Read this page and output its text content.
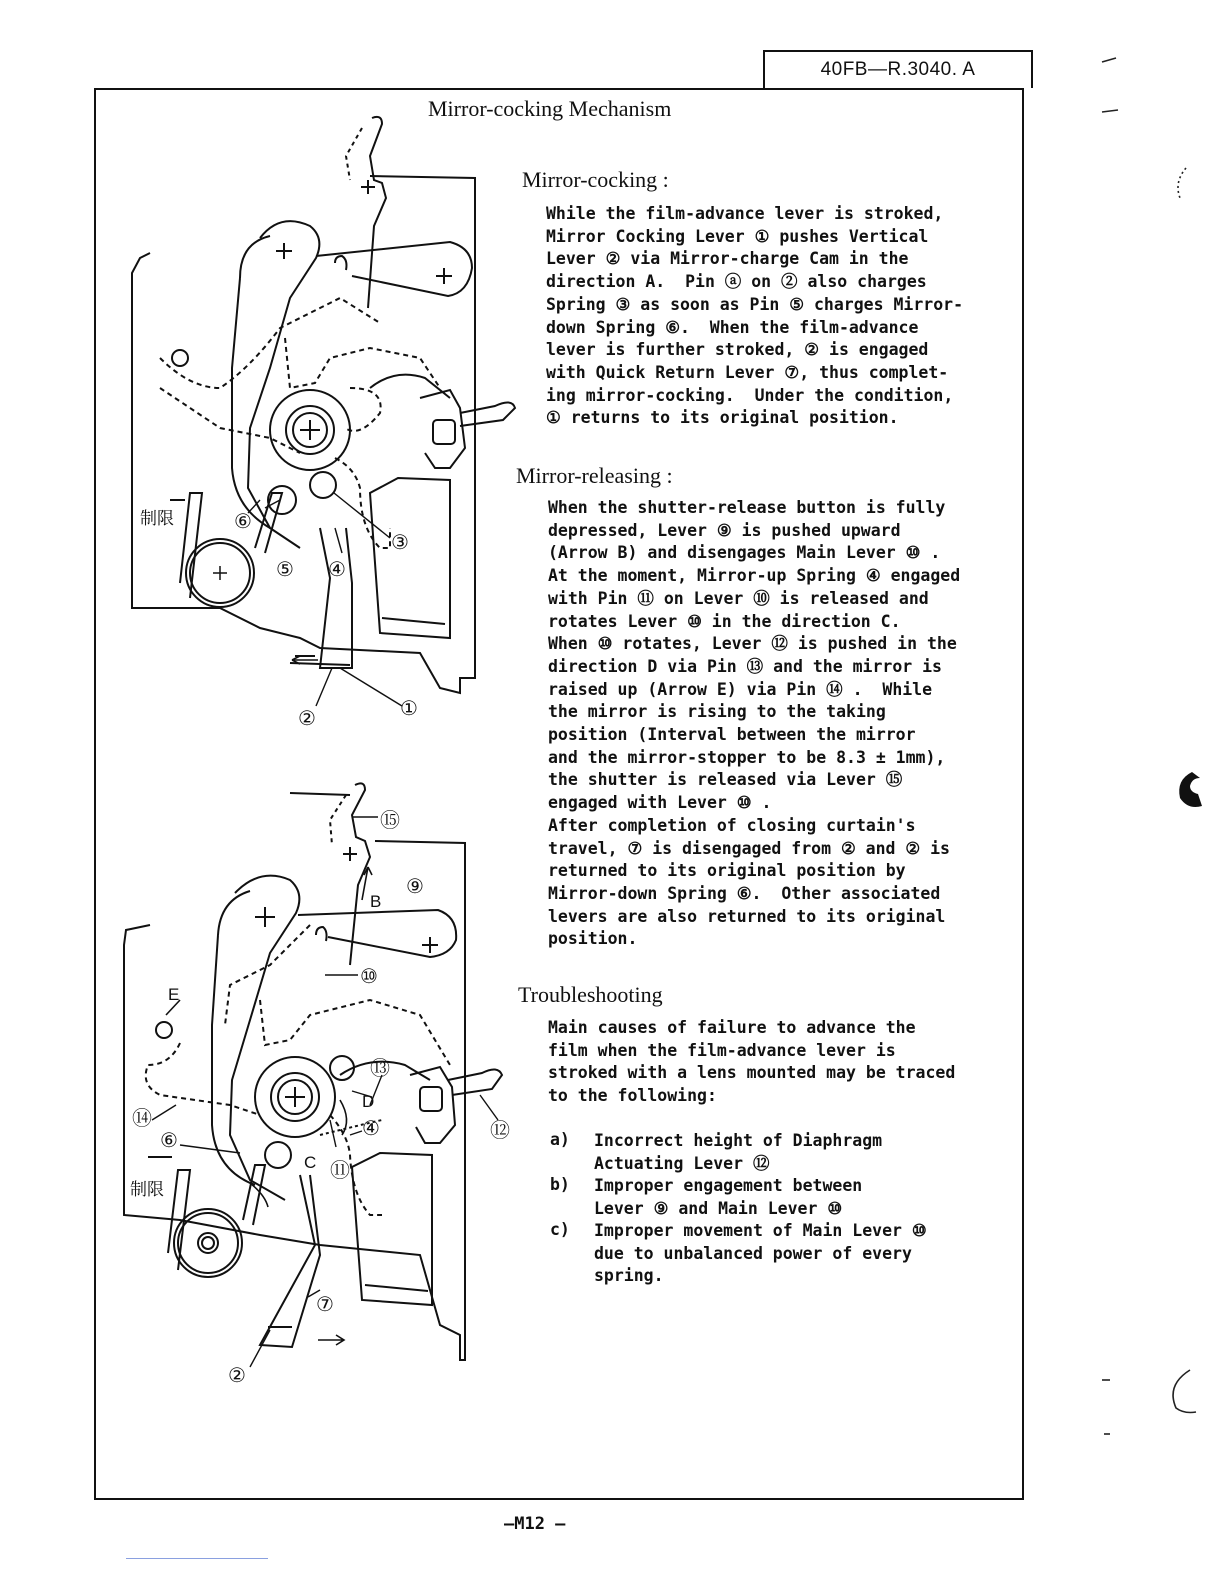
40FB—R.3040. A
Mirror-cocking Mechanism
Mirror-cocking :
While the film-advance lever is stroked,
Mirror Cocking Lever ① pushes Vertical
Lever ② via Mirror-charge Cam in the
direction A.  Pin ⓐ on ② also charges
Spring ③ as soon as Pin ⑤ charges Mirror-
down Spring ⑥.  When the film-advance
lever is further stroked, ② is engaged
with Quick Return Lever ⑦, thus complet-
ing mirror-cocking.  Under the condition,
① returns to its original position.
Mirror-releasing :
When the shutter-release button is fully
depressed, Lever ⑨ is pushed upward
(Arrow B) and disengages Main Lever ⑩ .
At the moment, Mirror-up Spring ④ engaged
with Pin ⑪ on Lever ⑩ is released and
rotates Lever ⑩ in the direction C.
When ⑩ rotates, Lever ⑫ is pushed in the
direction D via Pin ⑬ and the mirror is
raised up (Arrow E) via Pin ⑭ .  While
the mirror is rising to the taking
position (Interval between the mirror
and the mirror-stopper to be 8.3 ± 1mm),
the shutter is released via Lever ⑮
engaged with Lever ⑩ .
After completion of closing curtain's
travel, ⑦ is disengaged from ② and ② is
returned to its original position by
Mirror-down Spring ⑥.  Other associated
levers are also returned to its original
position.
Troubleshooting
Main causes of failure to advance the
film when the film-advance lever is
stroked with a lens mounted may be traced
to the following:
a) Incorrect height of Diaphragm
Actuating Lever ⑫
b) Improper engagement between
Lever ⑨ and Main Lever ⑩
c) Improper movement of Main Lever ⑩
due to unbalanced power of every
spring.
③
④
⑤
⑥
①
②
制限
⑮
⑨
⑩
⑬
④
⑪
⑫
⑭
⑥
⑦
②
B
C
D
E
制限
—M12 —
